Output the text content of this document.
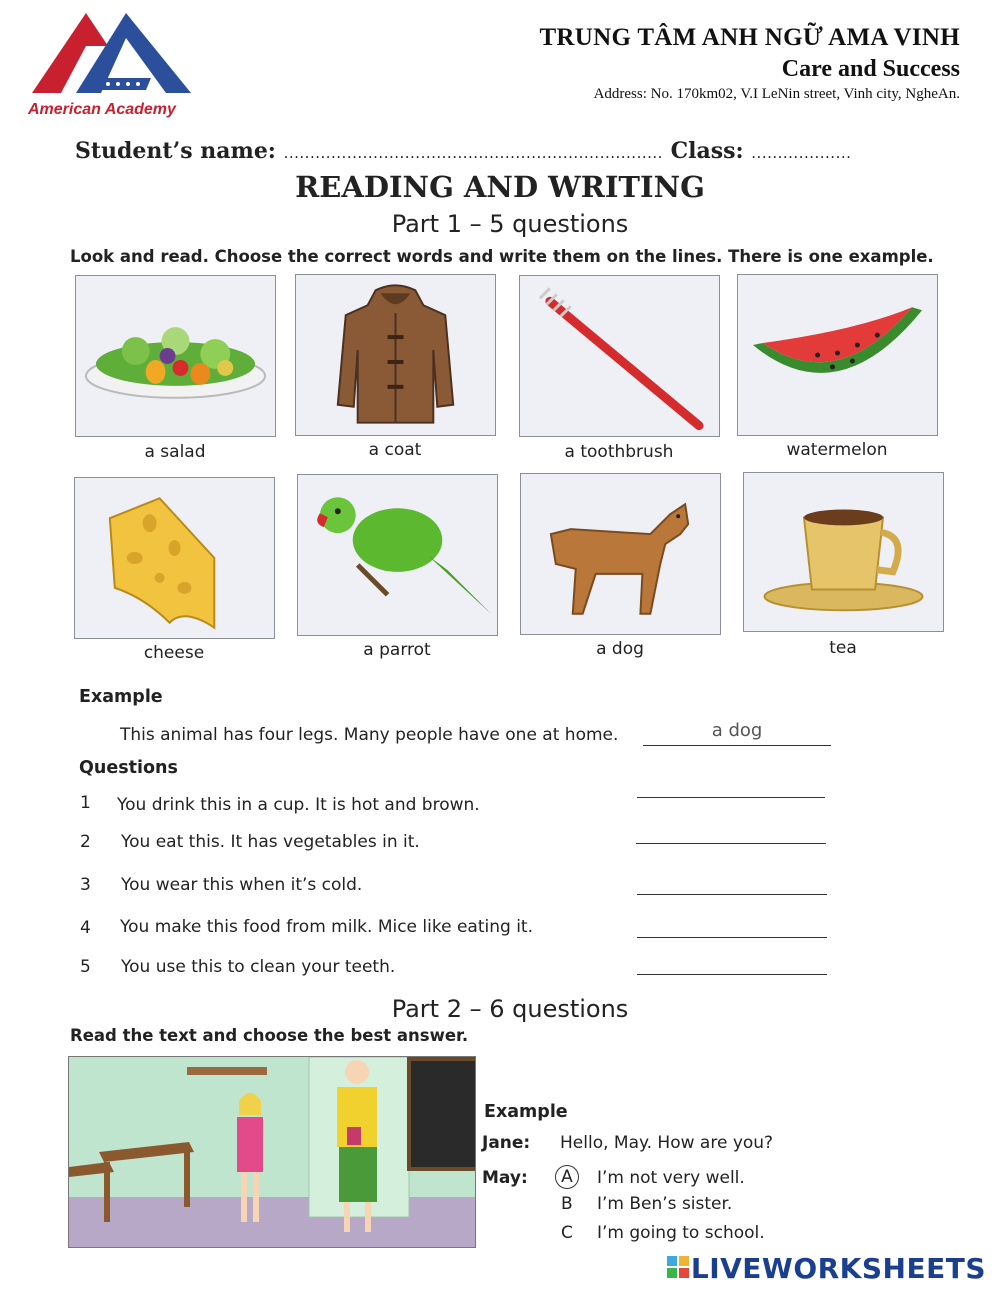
American Academy
TRUNG TÂM ANH NGỮ AMA VINH
Care and Success
Address: No. 170km02, V.I LeNin street, Vinh city, NgheAn.
Student’s name: ........................................................................ Class: ...................
READING AND WRITING
Part 1 – 5 questions
Look and read. Choose the correct words and write them on the lines. There is one example.
a salad	a coat	a toothbrush	watermelon
cheese	a parrot	a dog	tea
Example
This animal has four legs. Many people have one at home.
a dog
Questions
1 You drink this in a cup. It is hot and brown.
2 You eat this. It has vegetables in it.
3 You wear this when it’s cold.
4 You make this food from milk. Mice like eating it.
5 You use this to clean your teeth.
Part 2 – 6 questions
Read the text and choose the best answer.
Example
Jane: Hello, May. How are you?
May:	A	I’m not very well.
B I’m Ben’s sister.
C I’m going to school.
LIVEWORKSHEETS
